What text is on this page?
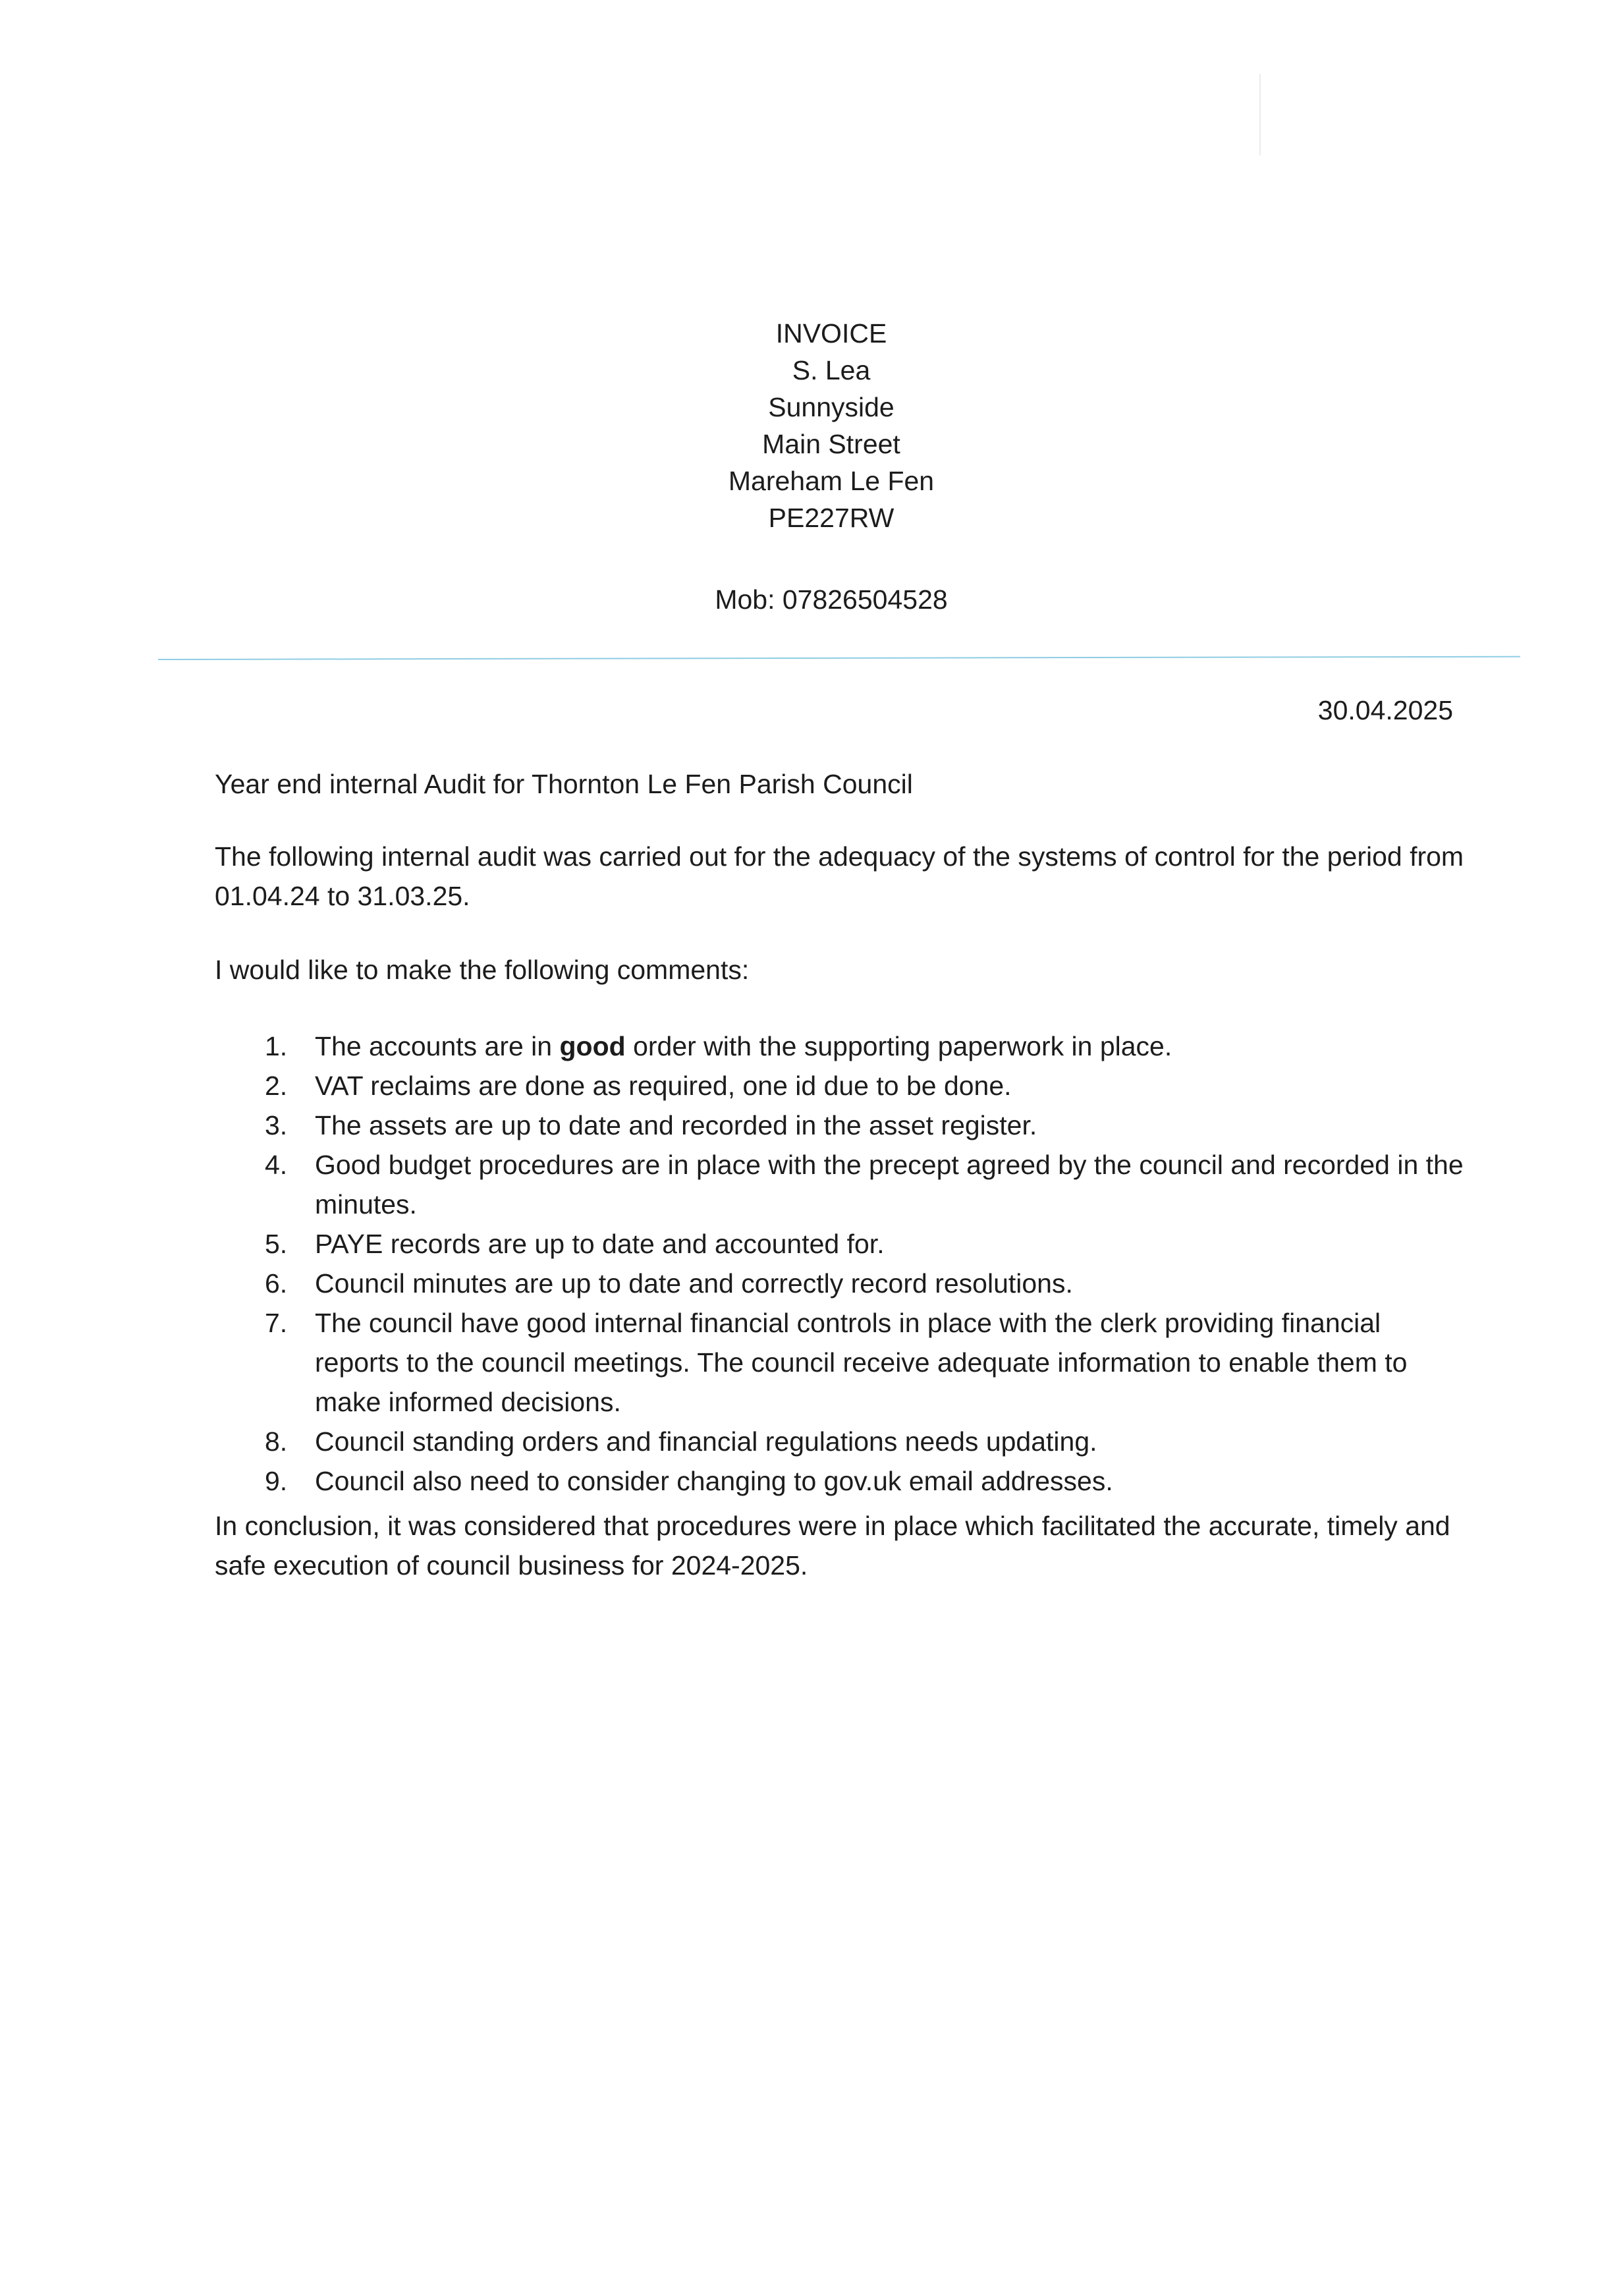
INVOICE
S. Lea
Sunnyside
Main Street
Mareham Le Fen
PE227RW
Mob: 07826504528
30.04.2025
Year end internal Audit for Thornton Le Fen Parish Council
The following internal audit was carried out for the adequacy of the systems of control for the period from 01.04.24 to 31.03.25.
I would like to make the following comments:
1. The accounts are in good order with the supporting paperwork in place.
2. VAT reclaims are done as required, one id due to be done.
3. The assets are up to date and recorded in the asset register.
4. Good budget procedures are in place with the precept agreed by the council and recorded in the minutes.
5. PAYE records are up to date and accounted for.
6. Council minutes are up to date and correctly record resolutions.
7. The council have good internal financial controls in place with the clerk providing financial reports to the council meetings. The council receive adequate information to enable them to make informed decisions.
8. Council standing orders and financial regulations needs updating.
9. Council also need to consider changing to gov.uk email addresses.
In conclusion, it was considered that procedures were in place which facilitated the accurate, timely and safe execution of council business for 2024-2025.
